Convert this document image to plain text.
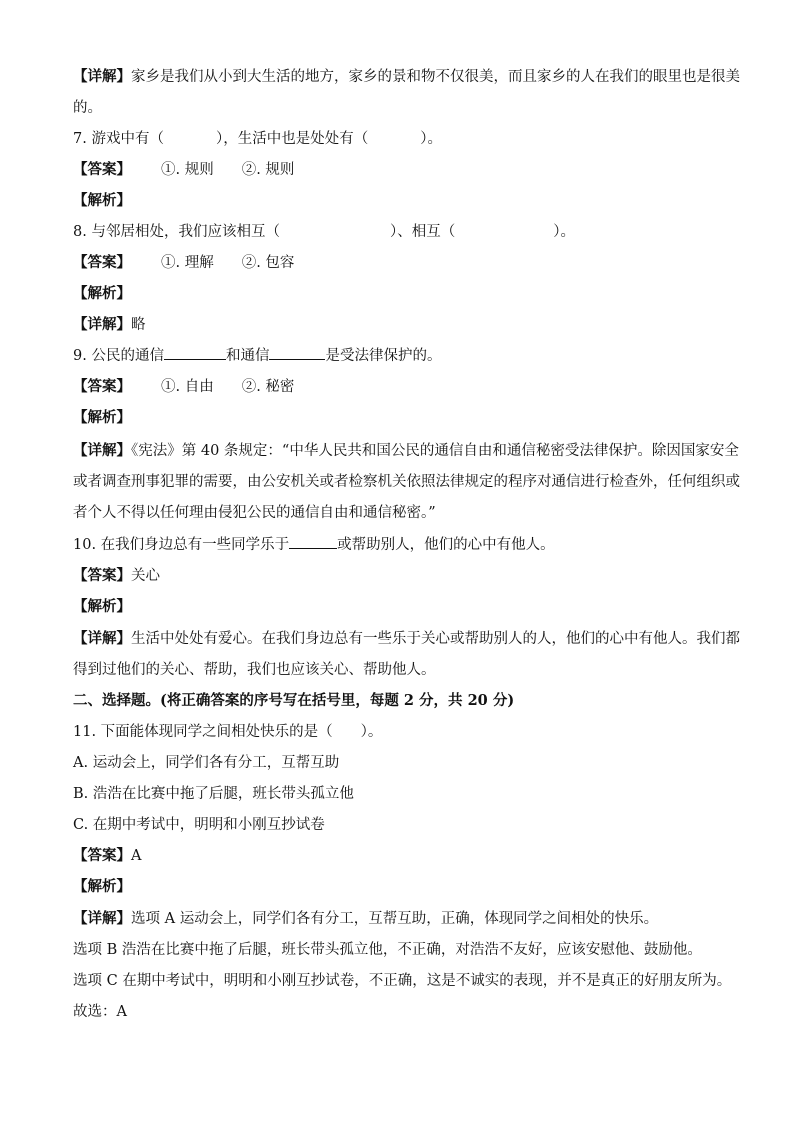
【详解】家乡是我们从小到大生活的地方，家乡的景和物不仅很美，而且家乡的人在我们的眼里也是很美
的。
7. 游戏中有（	），生活中也是处处有（	）。
【答案】 ①. 规则 ②. 规则
【解析】
8. 与邻居相处，我们应该相互（	）、相互（	）。
【答案】 ①. 理解 ②. 包容
【解析】
【详解】略
9. 公民的通信	和通信	是受法律保护的。
【答案】 ①. 自由 ②. 秘密
【解析】
【详解】《宪法》第 40 条规定：“中华人民共和国公民的通信自由和通信秘密受法律保护。除因国家安全
或者调查刑事犯罪的需要，由公安机关或者检察机关依照法律规定的程序对通信进行检查外，任何组织或
者个人不得以任何理由侵犯公民的通信自由和通信秘密。”
10. 在我们身边总有一些同学乐于	或帮助别人，他们的心中有他人。
【答案】关心
【解析】
【详解】生活中处处有爱心。在我们身边总有一些乐于关心或帮助别人的人，他们的心中有他人。我们都
得到过他们的关心、帮助，我们也应该关心、帮助他人。
二、选择题。(将正确答案的序号写在括号里，每题 2 分，共 20 分)
11. 下面能体现同学之间相处快乐的是（ ）。
A. 运动会上，同学们各有分工，互帮互助
B. 浩浩在比赛中拖了后腿，班长带头孤立他
C. 在期中考试中，明明和小刚互抄试卷
【答案】A
【解析】
【详解】选项 A 运动会上，同学们各有分工，互帮互助，正确，体现同学之间相处的快乐。
选项 B 浩浩在比赛中拖了后腿，班长带头孤立他，不正确，对浩浩不友好，应该安慰他、鼓励他。
选项 C 在期中考试中，明明和小刚互抄试卷，不正确，这是不诚实的表现，并不是真正的好朋友所为。
故选：A
